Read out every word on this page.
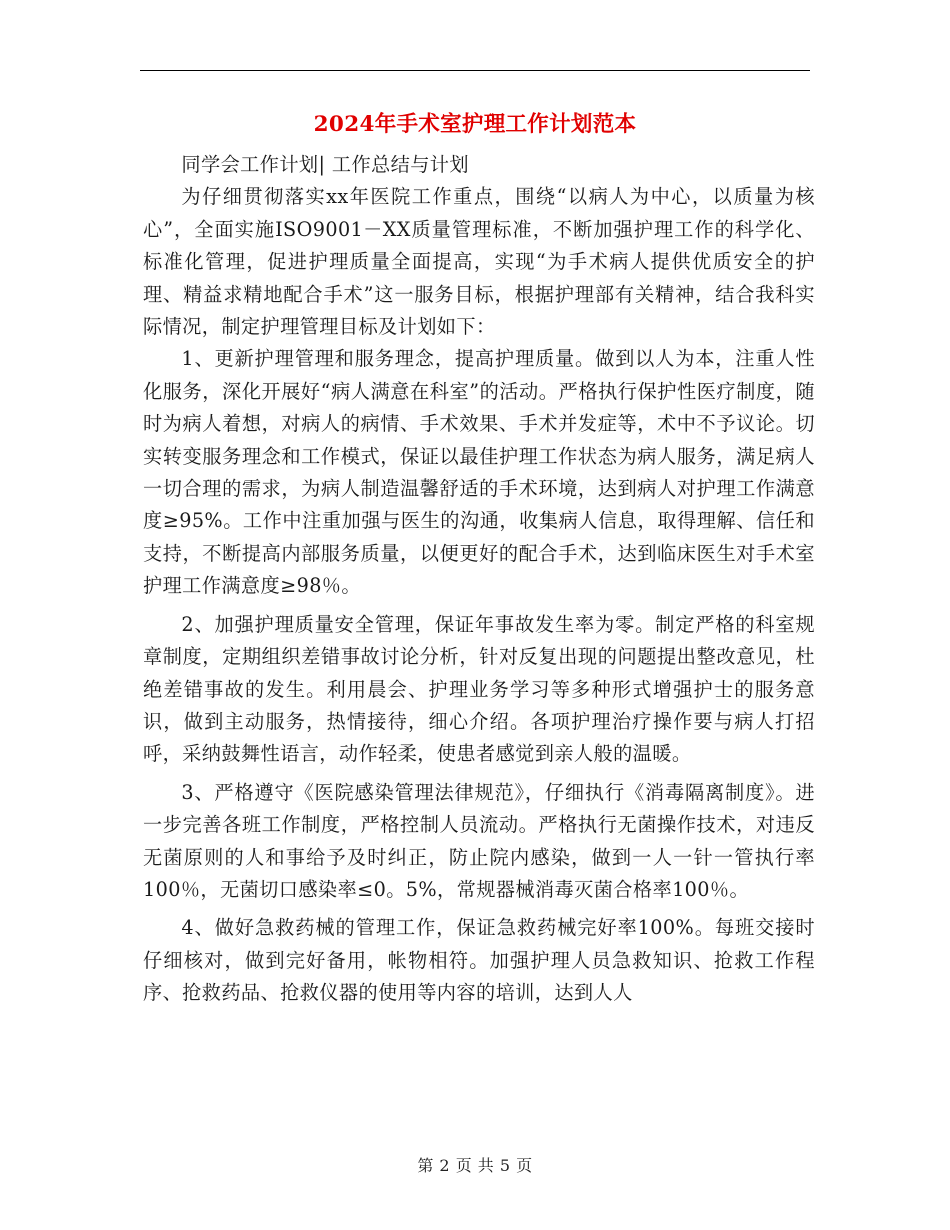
2024年手术室护理工作计划范本

同学会工作计划| 工作总结与计划

为仔细贯彻落实xx年医院工作重点，围绕“以病人为中心，以质量为核心”，全面实施ISO9001－XX质量管理标准，不断加强护理工作的科学化、标准化管理，促进护理质量全面提高，实现“为手术病人提供优质安全的护理、精益求精地配合手术”这一服务目标，根据护理部有关精神，结合我科实际情况，制定护理管理目标及计划如下：

1、更新护理管理和服务理念，提高护理质量。做到以人为本，注重人性化服务，深化开展好“病人满意在科室”的活动。严格执行保护性医疗制度，随时为病人着想，对病人的病情、手术效果、手术并发症等，术中不予议论。切实转变服务理念和工作模式，保证以最佳护理工作状态为病人服务，满足病人一切合理的需求，为病人制造温馨舒适的手术环境，达到病人对护理工作满意度≥95%。工作中注重加强与医生的沟通，收集病人信息，取得理解、信任和支持，不断提高内部服务质量，以便更好的配合手术，达到临床医生对手术室护理工作满意度≥98％。

2、加强护理质量安全管理，保证年事故发生率为零。制定严格的科室规章制度，定期组织差错事故讨论分析，针对反复出现的问题提出整改意见，杜绝差错事故的发生。利用晨会、护理业务学习等多种形式增强护士的服务意识，做到主动服务，热情接待，细心介绍。各项护理治疗操作要与病人打招呼，采纳鼓舞性语言，动作轻柔，使患者感觉到亲人般的温暖。

3、严格遵守《医院感染管理法律规范》，仔细执行《消毒隔离制度》。进一步完善各班工作制度，严格控制人员流动。严格执行无菌操作技术，对违反无菌原则的人和事给予及时纠正，防止院内感染，做到一人一针一管执行率100％，无菌切口感染率≤0。5%，常规器械消毒灭菌合格率100％。

4、做好急救药械的管理工作，保证急救药械完好率100%。每班交接时仔细核对，做到完好备用，帐物相符。加强护理人员急救知识、抢救工作程序、抢救药品、抢救仪器的使用等内容的培训，达到人人

第 2 页 共 5 页
